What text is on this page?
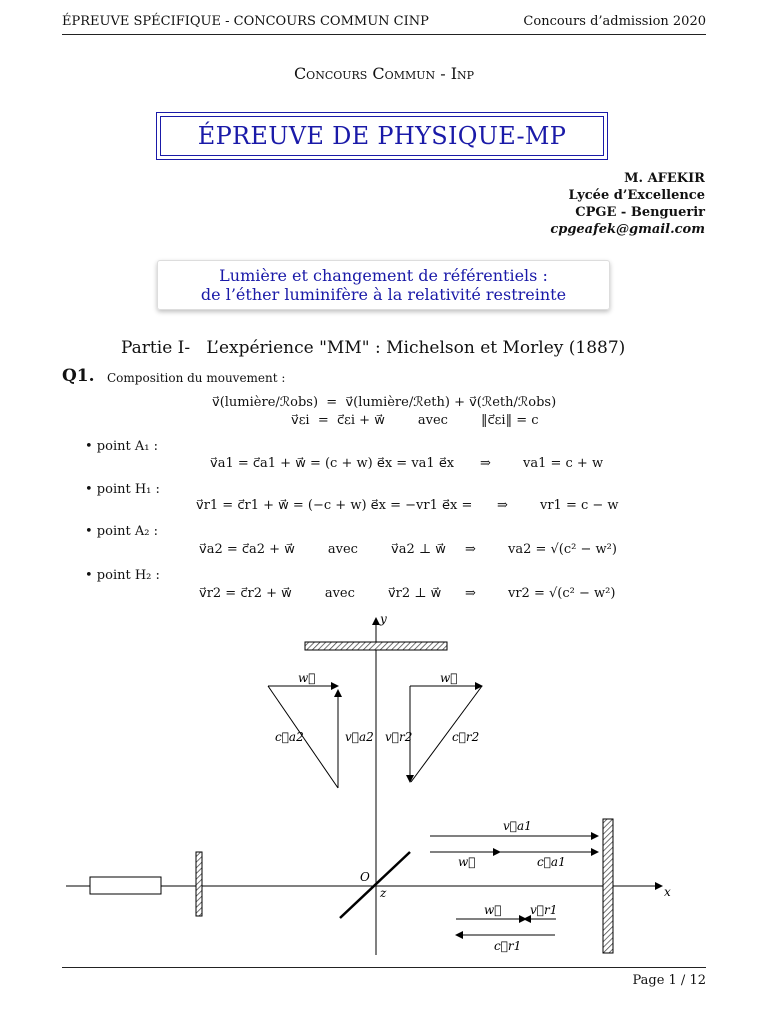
ÉPREUVE SPÉCIFIQUE - CONCOURS COMMUN CINP	Concours d’admission 2020
Concours Commun - Inp
ÉPREUVE DE PHYSIQUE-MP
M. AFEKIR
Lycée d’Excellence
CPGE - Benguerir
cpgeafek@gmail.com
Lumière et changement de référentiels :
de l’éther luminifère à la relativité restreinte
Partie I-   L’expérience "MM" : Michelson et Morley (1887)
Q1. Composition du mouvement :
v⃗(lumière/ℛobs)  =  v⃗(lumière/ℛeth) + v⃗(ℛeth/ℛobs)
v⃗εi  =  c⃗εi + w⃗        avec        ‖c⃗εi‖ = c
• point A₁ :
v⃗a1 = c⃗a1 + w⃗ = (c + w) e⃗x = va1 e⃗x ⇒ va1 = c + w
• point H₁ :
v⃗r1 = c⃗r1 + w⃗ = (−c + w) e⃗x = −vr1 e⃗x = ⇒ vr1 = c − w
• point A₂ :
v⃗a2 = c⃗a2 + w⃗        avec        v⃗a2 ⊥ w⃗ ⇒ va2 = √(c² − w²)
• point H₂ :
v⃗r2 = c⃗r2 + w⃗        avec        v⃗r2 ⊥ w⃗ ⇒ vr2 = √(c² − w²)
y
x
z
O
w⃗
c⃗a2	v⃗a2
w⃗
v⃗r2	c⃗r2
v⃗a1
w⃗	c⃗a1
w⃗ v⃗r1
c⃗r1
Page 1 / 12
